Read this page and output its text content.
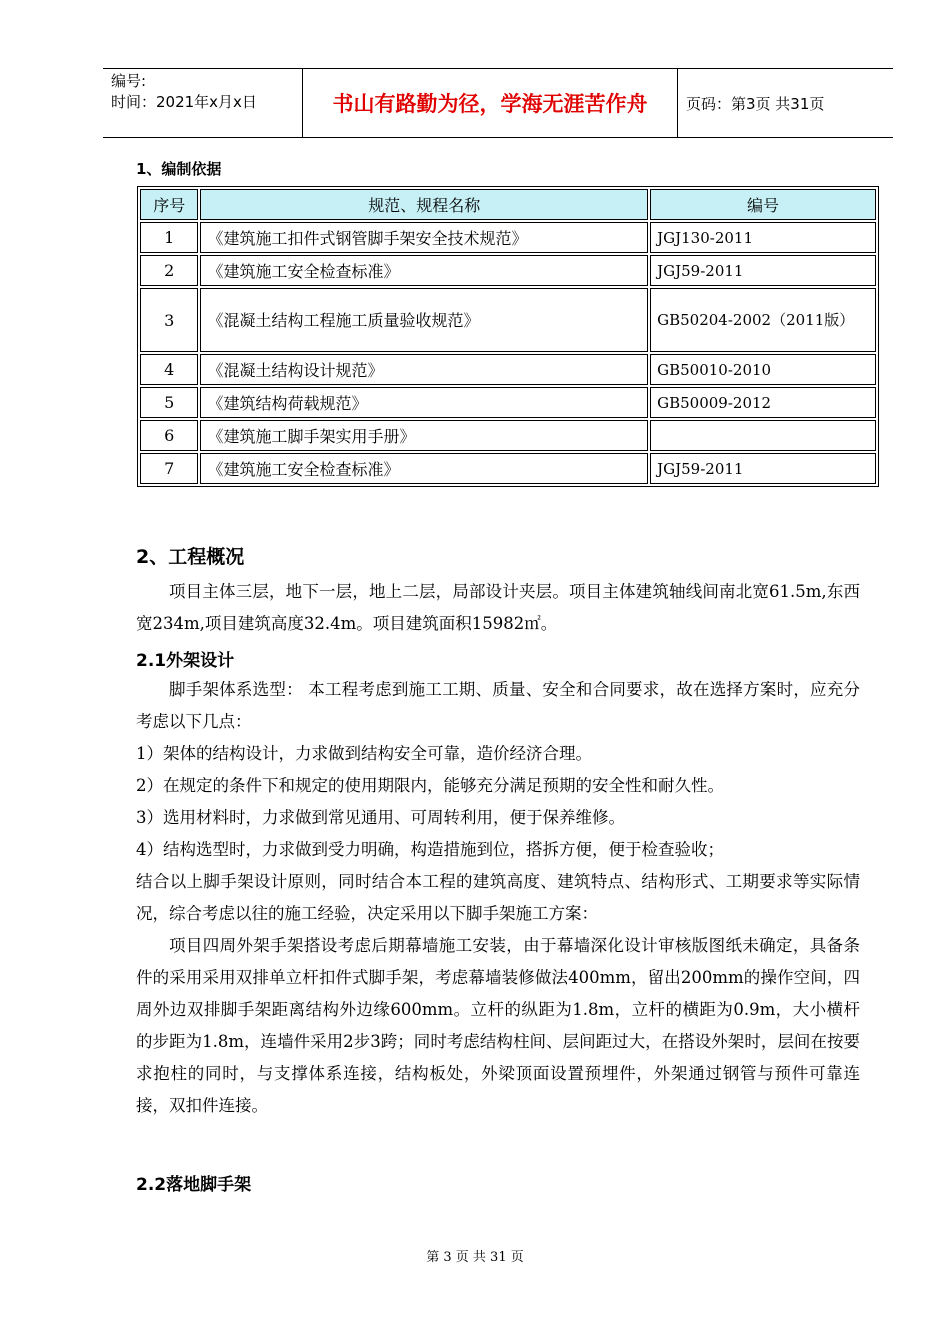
编号:
时间：2021年x月x日	书山有路勤为径，学海无涯苦作舟	页码：第3页 共31页
1、编制依据
序号	规范、规程名称	编号
1	《建筑施工扣件式钢管脚手架安全技术规范》	JGJ130-2011
2	《建筑施工安全检查标准》	JGJ59-2011
3	《混凝土结构工程施工质量验收规范》	GB50204-2002（2011版）
4	《混凝土结构设计规范》	GB50010-2010
5	《建筑结构荷载规范》	GB50009-2012
6	《建筑施工脚手架实用手册》	
7	《建筑施工安全检查标准》	JGJ59-2011
2、工程概况

项目主体三层，地下一层，地上二层，局部设计夹层。项目主体建筑轴线间南北宽61.5m,东西宽234m,项目建筑高度32.4m。项目建筑面积15982㎡。

2.1外架设计

脚手架体系选型： 本工程考虑到施工工期、质量、安全和合同要求，故在选择方案时，应充分考虑以下几点：

1）架体的结构设计，力求做到结构安全可靠，造价经济合理。

2）在规定的条件下和规定的使用期限内，能够充分满足预期的安全性和耐久性。

3）选用材料时，力求做到常见通用、可周转利用，便于保养维修。

4）结构选型时，力求做到受力明确，构造措施到位，搭拆方便，便于检查验收；

结合以上脚手架设计原则，同时结合本工程的建筑高度、建筑特点、结构形式、工期要求等实际情况，综合考虑以往的施工经验，决定采用以下脚手架施工方案：

项目四周外架手架搭设考虑后期幕墙施工安装，由于幕墙深化设计审核版图纸未确定，具备条件的采用采用双排单立杆扣件式脚手架，考虑幕墙装修做法400mm，留出200mm的操作空间，四周外边双排脚手架距离结构外边缘600mm。立杆的纵距为1.8m，立杆的横距为0.9m，大小横杆的步距为1.8m，连墙件采用2步3跨；同时考虑结构柱间、层间距过大，在搭设外架时，层间在按要求抱柱的同时，与支撑体系连接，结构板处，外梁顶面设置预埋件，外架通过钢管与预件可靠连接，双扣件连接。

2.2落地脚手架
第 3 页 共 31 页
